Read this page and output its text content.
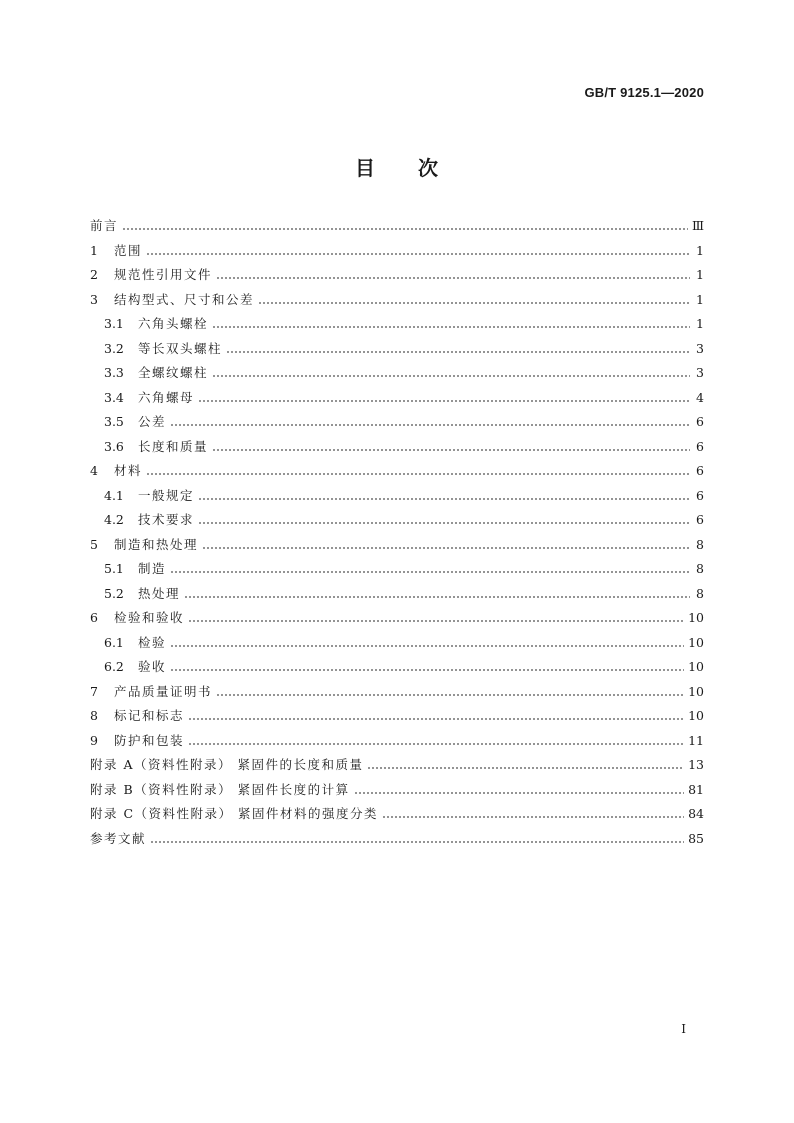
GB/T 9125.1—2020
目 次
前言	Ⅲ
1	范围	1
2	规范性引用文件	1
3	结构型式、尺寸和公差	1
3.1	六角头螺栓	1
3.2	等长双头螺柱	3
3.3	全螺纹螺柱	3
3.4	六角螺母	4
3.5	公差	6
3.6	长度和质量	6
4	材料	6
4.1	一般规定	6
4.2	技术要求	6
5	制造和热处理	8
5.1	制造	8
5.2	热处理	8
6	检验和验收	10
6.1	检验	10
6.2	验收	10
7	产品质量证明书	10
8	标记和标志	10
9	防护和包装	11
附录 A（资料性附录） 紧固件的长度和质量	13
附录 B（资料性附录） 紧固件长度的计算	81
附录 C（资料性附录） 紧固件材料的强度分类	84
参考文献	85
I
